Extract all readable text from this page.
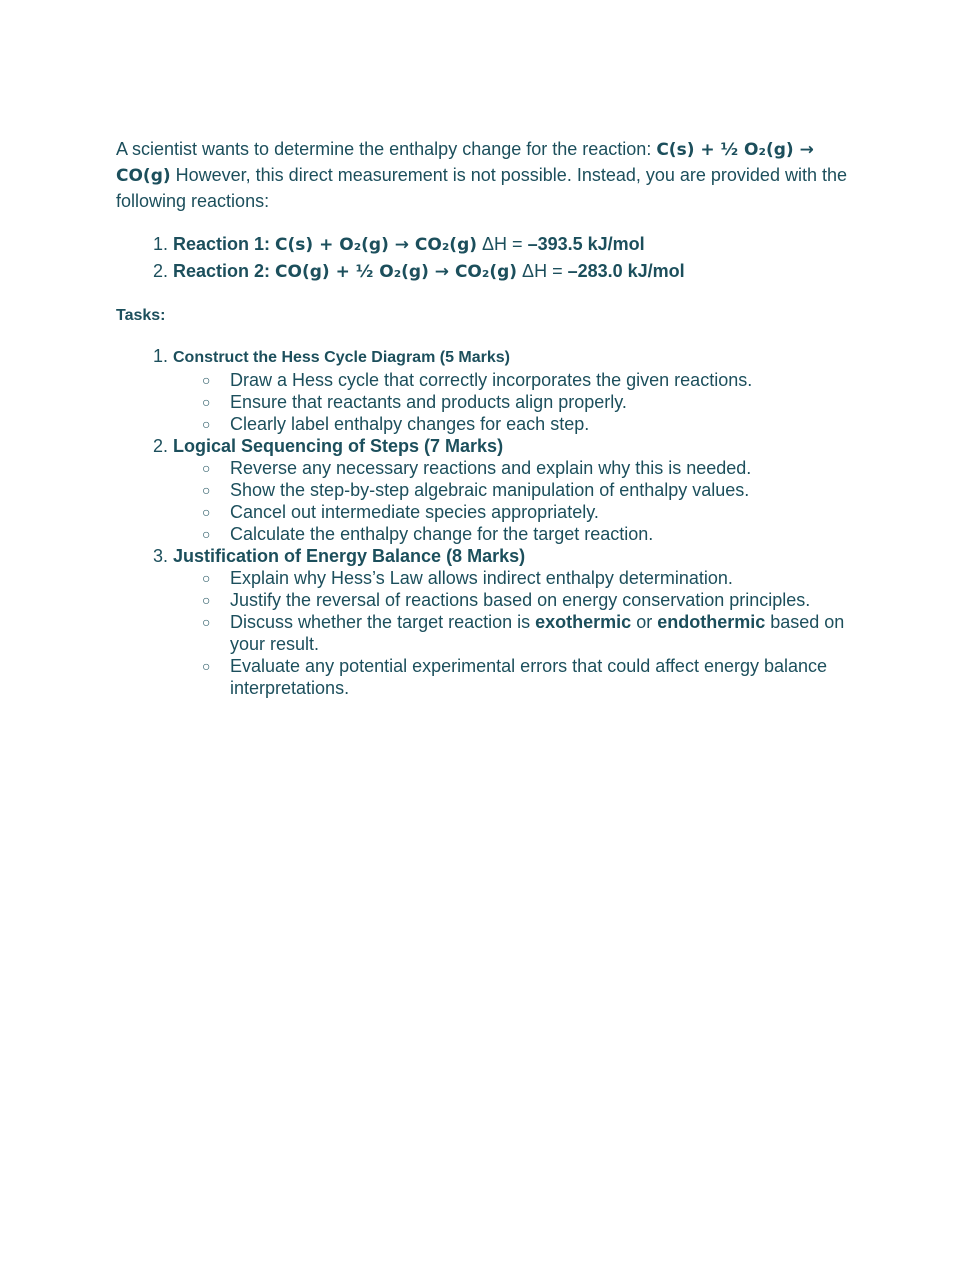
A scientist wants to determine the enthalpy change for the reaction: C(s) + ½ O₂(g) → CO(g) However, this direct measurement is not possible. Instead, you are provided with the following reactions:

1. Reaction 1: C(s) + O₂(g) → CO₂(g) ΔH = –393.5 kJ/mol
2. Reaction 2: CO(g) + ½ O₂(g) → CO₂(g) ΔH = –283.0 kJ/mol

Tasks:

1. Construct the Hess Cycle Diagram (5 Marks)
○ Draw a Hess cycle that correctly incorporates the given reactions.
○ Ensure that reactants and products align properly.
○ Clearly label enthalpy changes for each step.
2. Logical Sequencing of Steps (7 Marks)
○ Reverse any necessary reactions and explain why this is needed.
○ Show the step-by-step algebraic manipulation of enthalpy values.
○ Cancel out intermediate species appropriately.
○ Calculate the enthalpy change for the target reaction.
3. Justification of Energy Balance (8 Marks)
○ Explain why Hess’s Law allows indirect enthalpy determination.
○ Justify the reversal of reactions based on energy conservation principles.
○ Discuss whether the target reaction is exothermic or endothermic based on your result.
○ Evaluate any potential experimental errors that could affect energy balance interpretations.
